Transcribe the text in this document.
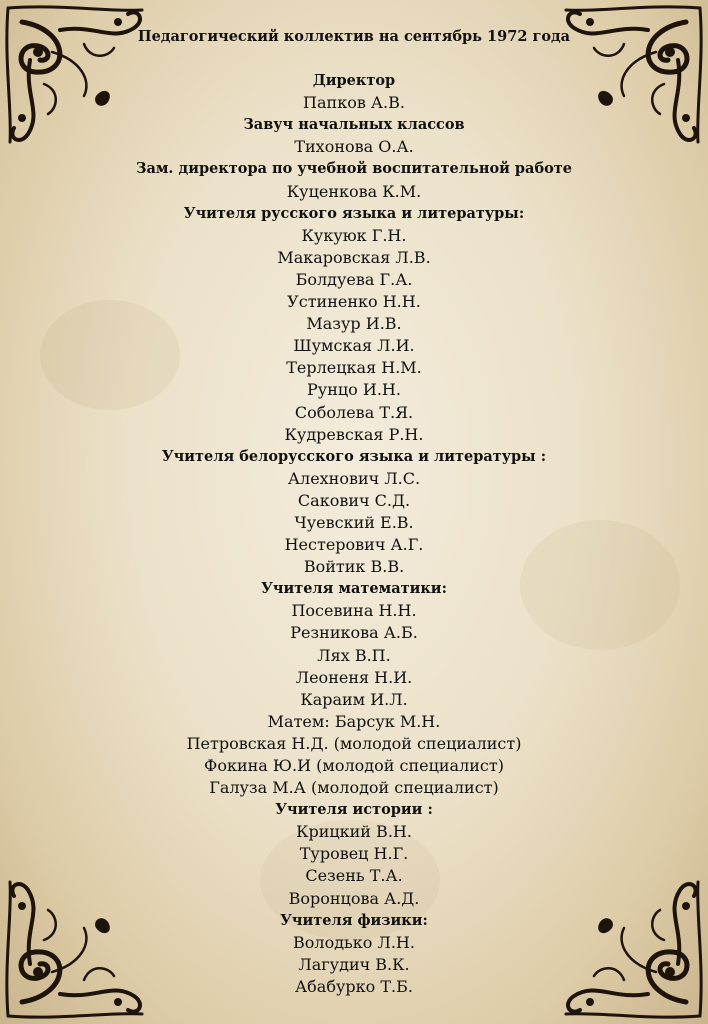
Педагогический коллектив на сентябрь 1972 года
Директор
Папков А.В.
Завуч начальных классов
Тихонова О.А.
Зам. директора по учебной воспитательной работе
Куценкова К.М.
Учителя русского языка и литературы:
Кукуюк Г.Н.
Макаровская Л.В.
Болдуева Г.А.
Устиненко Н.Н.
Мазур И.В.
Шумская Л.И.
Терлецкая Н.М.
Рунцо И.Н.
Соболева Т.Я.
Кудревская Р.Н.
Учителя белорусского языка и литературы :
Алехнович Л.С.
Сакович С.Д.
Чуевский Е.В.
Нестерович А.Г.
Войтик В.В.
Учителя математики:
Посевина Н.Н.
Резникова А.Б.
Лях В.П.
Леоненя Н.И.
Караим И.Л.
Матем: Барсук М.Н.
Петровская Н.Д. (молодой специалист)
Фокина Ю.И (молодой специалист)
Галуза М.А (молодой специалист)
Учителя истории :
Крицкий В.Н.
Туровец Н.Г.
Сезень Т.А.
Воронцова А.Д.
Учителя физики:
Володько Л.Н.
Лагудич В.К.
Абабурко Т.Б.
